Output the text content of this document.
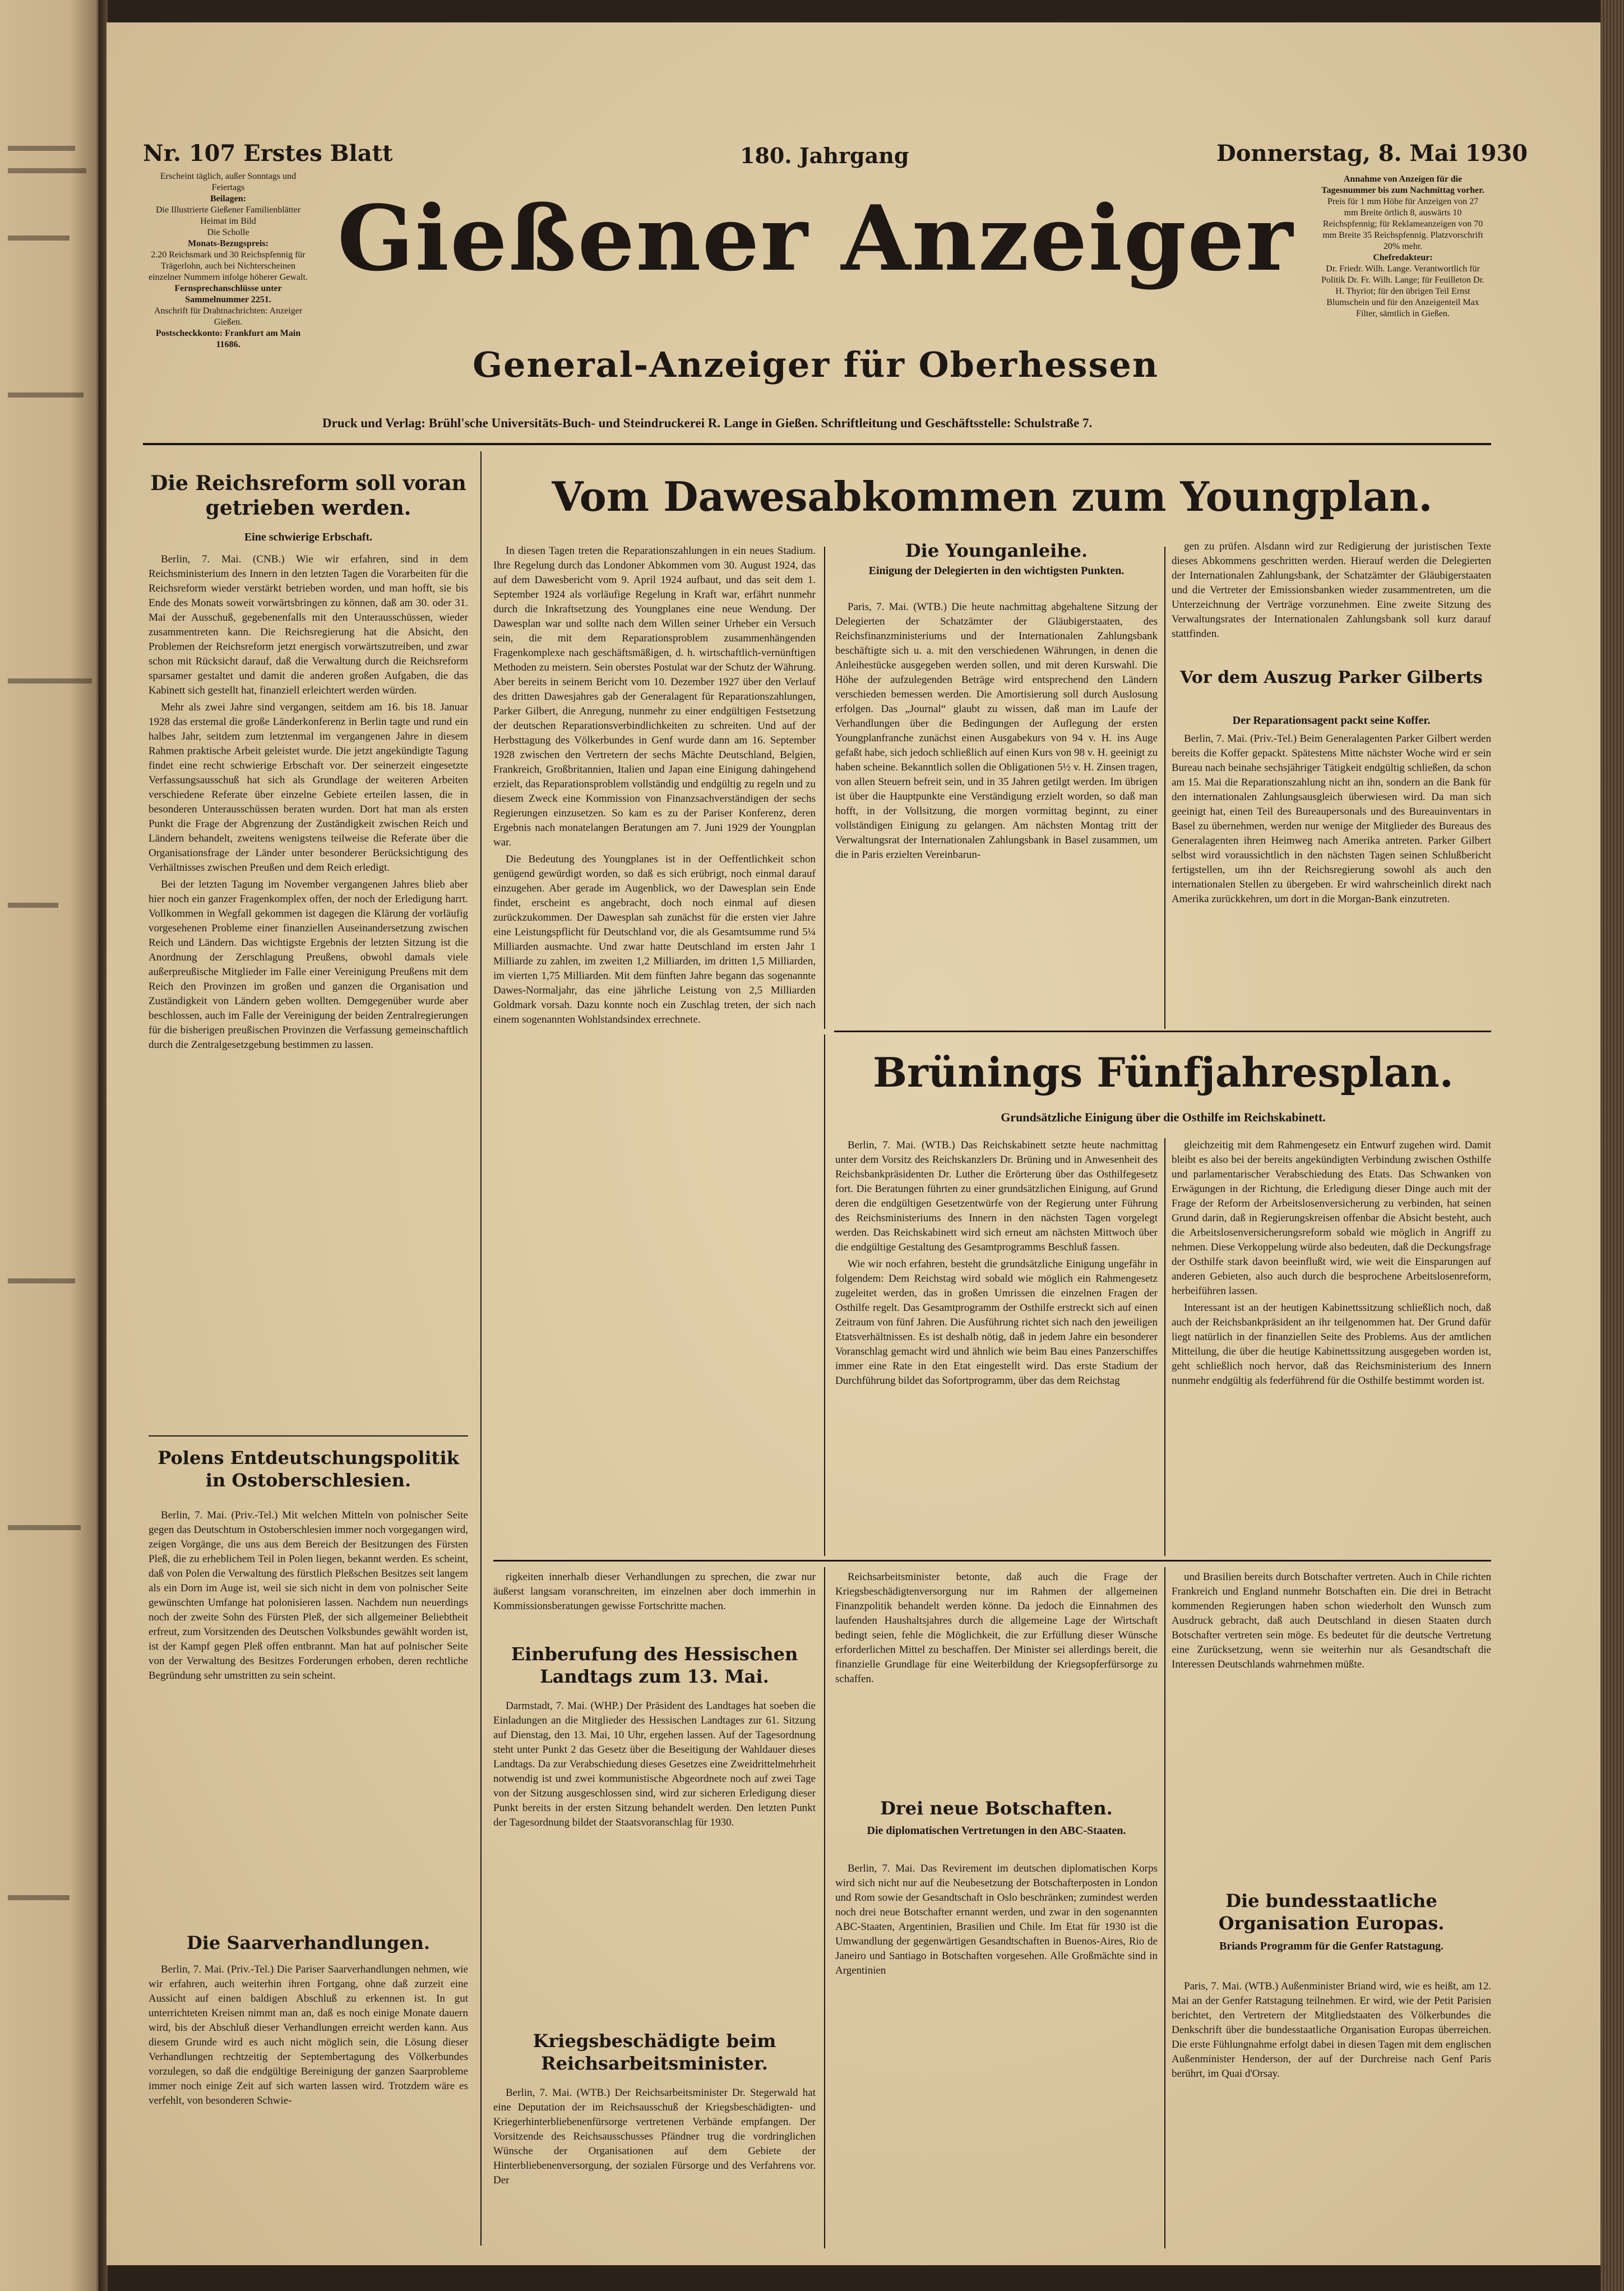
Nr. 107 Erstes Blatt	180. Jahrgang	Donnerstag, 8. Mai 1930
Gießener Anzeiger
General-Anzeiger für Oberhessen
Erscheint täglich, außer Sonntags und Feiertags
Beilagen:
Die Illustrierte Gießener Familienblätter
Heimat im Bild
Die Scholle
Monats-Bezugspreis:
2.20 Reichsmark und 30 Reichspfennig für Trägerlohn, auch bei Nichterscheinen einzelner Nummern infolge höherer Gewalt.
Fernsprechanschlüsse unter Sammelnummer 2251.
Anschrift für Drahtnachrichten: Anzeiger Gießen.
Postscheckkonto: Frankfurt am Main 11686.
Annahme von Anzeigen für die Tagesnummer bis zum Nachmittag vorher.
Preis für 1 mm Höhe für Anzeigen von 27 mm Breite örtlich 8, auswärts 10 Reichspfennig; für Reklameanzeigen von 70 mm Breite 35 Reichspfennig. Platzvorschrift 20% mehr.
Chefredakteur:
Dr. Friedr. Wilh. Lange. Verantwortlich für Politik Dr. Fr. Wilh. Lange; für Feuilleton Dr. H. Thyriot; für den übrigen Teil Ernst Blumschein und für den Anzeigenteil Max Filter, sämtlich in Gießen.
Druck und Verlag: Brühl'sche Universitäts-Buch- und Steindruckerei R. Lange in Gießen. Schriftleitung und Geschäftsstelle: Schulstraße 7.
Die Reichsreform soll voran getrieben werden.
Eine schwierige Erbschaft.

Berlin, 7. Mai. (CNB.) Wie wir erfahren, sind in dem Reichsministerium des Innern in den letzten Tagen die Vorarbeiten für die Reichsreform wieder verstärkt betrieben worden, und man hofft, sie bis Ende des Monats soweit vorwärtsbringen zu können, daß am 30. oder 31. Mai der Ausschuß, gegebenenfalls mit den Unterausschüssen, wieder zusammentreten kann. Die Reichsregierung hat die Absicht, den Problemen der Reichsreform jetzt energisch vorwärtszutreiben, und zwar schon mit Rücksicht darauf, daß die Verwaltung durch die Reichsreform sparsamer gestaltet und damit die anderen großen Aufgaben, die das Kabinett sich gestellt hat, finanziell erleichtert werden würden.

Mehr als zwei Jahre sind vergangen, seitdem am 16. bis 18. Januar 1928 das erstemal die große Länderkonferenz in Berlin tagte und rund ein halbes Jahr, seitdem zum letztenmal im vergangenen Jahre in diesem Rahmen praktische Arbeit geleistet wurde. Die jetzt angekündigte Tagung findet eine recht schwierige Erbschaft vor. Der seinerzeit eingesetzte Verfassungsausschuß hat sich als Grundlage der weiteren Arbeiten verschiedene Referate über einzelne Gebiete erteilen lassen, die in besonderen Unterausschüssen beraten wurden. Dort hat man als ersten Punkt die Frage der Abgrenzung der Zuständigkeit zwischen Reich und Ländern behandelt, zweitens wenigstens teilweise die Referate über die Organisationsfrage der Länder unter besonderer Berücksichtigung des Verhältnisses zwischen Preußen und dem Reich erledigt.

Bei der letzten Tagung im November vergangenen Jahres blieb aber hier noch ein ganzer Fragenkomplex offen, der noch der Erledigung harrt. Vollkommen in Wegfall gekommen ist dagegen die Klärung der vorläufig vorgesehenen Probleme einer finanziellen Auseinandersetzung zwischen Reich und Ländern. Das wichtigste Ergebnis der letzten Sitzung ist die Anordnung der Zerschlagung Preußens, obwohl damals viele außerpreußische Mitglieder im Falle einer Vereinigung Preußens mit dem Reich den Provinzen im großen und ganzen die Organisation und Zuständigkeit von Ländern geben wollten. Demgegenüber wurde aber beschlossen, auch im Falle der Vereinigung der beiden Zentralregierungen für die bisherigen preußischen Provinzen die Verfassung gemeinschaftlich durch die Zentralgesetzgebung bestimmen zu lassen.

Polens Entdeutschungspolitik in Ostoberschlesien.

Berlin, 7. Mai. (Priv.-Tel.) Mit welchen Mitteln von polnischer Seite gegen das Deutschtum in Ostoberschlesien immer noch vorgegangen wird, zeigen Vorgänge, die uns aus dem Bereich der Besitzungen des Fürsten Pleß, die zu erheblichem Teil in Polen liegen, bekannt werden. Es scheint, daß von Polen die Verwaltung des fürstlich Pleßschen Besitzes seit langem als ein Dorn im Auge ist, weil sie sich nicht in dem von polnischer Seite gewünschten Umfange hat polonisieren lassen. Nachdem nun neuerdings noch der zweite Sohn des Fürsten Pleß, der sich allgemeiner Beliebtheit erfreut, zum Vorsitzenden des Deutschen Volksbundes gewählt worden ist, ist der Kampf gegen Pleß offen entbrannt. Man hat auf polnischer Seite von der Verwaltung des Besitzes Forderungen erhoben, deren rechtliche Begründung sehr umstritten zu sein scheint.

Die Saarverhandlungen.

Berlin, 7. Mai. (Priv.-Tel.) Die Pariser Saarverhandlungen nehmen, wie wir erfahren, auch weiterhin ihren Fortgang, ohne daß zurzeit eine Aussicht auf einen baldigen Abschluß zu erkennen ist. In gut unterrichteten Kreisen nimmt man an, daß es noch einige Monate dauern wird, bis der Abschluß dieser Verhandlungen erreicht werden kann. Aus diesem Grunde wird es auch nicht möglich sein, die Lösung dieser Verhandlungen rechtzeitig der Septembertagung des Völkerbundes vorzulegen, so daß die endgültige Bereinigung der ganzen Saarprobleme immer noch einige Zeit auf sich warten lassen wird. Trotzdem wäre es verfehlt, von besonderen Schwie-

Vom Dawesabkommen zum Youngplan.

In diesen Tagen treten die Reparationszahlungen in ein neues Stadium. Ihre Regelung durch das Londoner Abkommen vom 30. August 1924, das auf dem Dawesbericht vom 9. April 1924 aufbaut, und das seit dem 1. September 1924 als vorläufige Regelung in Kraft war, erfährt nunmehr durch die Inkraftsetzung des Youngplanes eine neue Wendung. Der Dawesplan war und sollte nach dem Willen seiner Urheber ein Versuch sein, die mit dem Reparationsproblem zusammenhängenden Fragenkomplexe nach geschäftsmäßigen, d. h. wirtschaftlich-vernünftigen Methoden zu meistern. Sein oberstes Postulat war der Schutz der Währung. Aber bereits in seinem Bericht vom 10. Dezember 1927 über den Verlauf des dritten Dawesjahres gab der Generalagent für Reparationszahlungen, Parker Gilbert, die Anregung, nunmehr zu einer endgültigen Festsetzung der deutschen Reparationsverbindlichkeiten zu schreiten. Und auf der Herbsttagung des Völkerbundes in Genf wurde dann am 16. September 1928 zwischen den Vertretern der sechs Mächte Deutschland, Belgien, Frankreich, Großbritannien, Italien und Japan eine Einigung dahingehend erzielt, das Reparationsproblem vollständig und endgültig zu regeln und zu diesem Zweck eine Kommission von Finanzsachverständigen der sechs Regierungen einzusetzen. So kam es zu der Pariser Konferenz, deren Ergebnis nach monatelangen Beratungen am 7. Juni 1929 der Youngplan war.

Die Bedeutung des Youngplanes ist in der Oeffentlichkeit schon genügend gewürdigt worden, so daß es sich erübrigt, noch einmal darauf einzugehen. Aber gerade im Augenblick, wo der Dawesplan sein Ende findet, erscheint es angebracht, doch noch einmal auf diesen zurückzukommen. Der Dawesplan sah zunächst für die ersten vier Jahre eine Leistungspflicht für Deutschland vor, die als Gesamtsumme rund 5¼ Milliarden ausmachte. Und zwar hatte Deutschland im ersten Jahr 1 Milliarde zu zahlen, im zweiten 1,2 Milliarden, im dritten 1,5 Milliarden, im vierten 1,75 Milliarden. Mit dem fünften Jahre begann das sogenannte Dawes-Normaljahr, das eine jährliche Leistung von 2,5 Milliarden Goldmark vorsah. Dazu konnte noch ein Zuschlag treten, der sich nach einem sogenannten Wohlstandsindex errechnete.

Die Younganleihe.
Einigung der Delegierten in den wichtigsten Punkten.

Paris, 7. Mai. (WTB.) Die heute nachmittag abgehaltene Sitzung der Delegierten der Schatzämter der Gläubigerstaaten, des Reichsfinanzministeriums und der Internationalen Zahlungsbank beschäftigte sich u. a. mit den verschiedenen Währungen, in denen die Anleihestücke ausgegeben werden sollen, und mit deren Kurswahl. Die Höhe der aufzulegenden Beträge wird entsprechend den Ländern verschieden bemessen werden. Die Amortisierung soll durch Auslosung erfolgen. Das „Journal“ glaubt zu wissen, daß man im Laufe der Verhandlungen über die Bedingungen der Auflegung der ersten Youngplanfranche zunächst einen Ausgabekurs von 94 v. H. ins Auge gefaßt habe, sich jedoch schließlich auf einen Kurs von 98 v. H. geeinigt zu haben scheine. Bekanntlich sollen die Obligationen 5½ v. H. Zinsen tragen, von allen Steuern befreit sein, und in 35 Jahren getilgt werden. Im übrigen ist über die Hauptpunkte eine Verständigung erzielt worden, so daß man hofft, in der Vollsitzung, die morgen vormittag beginnt, zu einer vollständigen Einigung zu gelangen. Am nächsten Montag tritt der Verwaltungsrat der Internationalen Zahlungsbank in Basel zusammen, um die in Paris erzielten Vereinbarun-

gen zu prüfen. Alsdann wird zur Redigierung der juristischen Texte dieses Abkommens geschritten werden. Hierauf werden die Delegierten der Internationalen Zahlungsbank, der Schatzämter der Gläubigerstaaten und die Vertreter der Emissionsbanken wieder zusammentreten, um die Unterzeichnung der Verträge vorzunehmen. Eine zweite Sitzung des Verwaltungsrates der Internationalen Zahlungsbank soll kurz darauf stattfinden.

Vor dem Auszug Parker Gilberts
Der Reparationsagent packt seine Koffer.

Berlin, 7. Mai. (Priv.-Tel.) Beim Generalagenten Parker Gilbert werden bereits die Koffer gepackt. Spätestens Mitte nächster Woche wird er sein Bureau nach beinahe sechsjähriger Tätigkeit endgültig schließen, da schon am 15. Mai die Reparationszahlung nicht an ihn, sondern an die Bank für den internationalen Zahlungsausgleich überwiesen wird. Da man sich geeinigt hat, einen Teil des Bureaupersonals und des Bureauinventars in Basel zu übernehmen, werden nur wenige der Mitglieder des Bureaus des Generalagenten ihren Heimweg nach Amerika antreten. Parker Gilbert selbst wird voraussichtlich in den nächsten Tagen seinen Schlußbericht fertigstellen, um ihn der Reichsregierung sowohl als auch den internationalen Stellen zu übergeben. Er wird wahrscheinlich direkt nach Amerika zurückkehren, um dort in die Morgan-Bank einzutreten.

Brünings Fünfjahresplan.
Grundsätzliche Einigung über die Osthilfe im Reichskabinett.

Berlin, 7. Mai. (WTB.) Das Reichskabinett setzte heute nachmittag unter dem Vorsitz des Reichskanzlers Dr. Brüning und in Anwesenheit des Reichsbankpräsidenten Dr. Luther die Erörterung über das Osthilfegesetz fort. Die Beratungen führten zu einer grundsätzlichen Einigung, auf Grund deren die endgültigen Gesetzentwürfe von der Regierung unter Führung des Reichsministeriums des Innern in den nächsten Tagen vorgelegt werden. Das Reichskabinett wird sich erneut am nächsten Mittwoch über die endgültige Gestaltung des Gesamtprogramms Beschluß fassen.

Wie wir noch erfahren, besteht die grundsätzliche Einigung ungefähr in folgendem: Dem Reichstag wird sobald wie möglich ein Rahmengesetz zugeleitet werden, das in großen Umrissen die einzelnen Fragen der Osthilfe regelt. Das Gesamtprogramm der Osthilfe erstreckt sich auf einen Zeitraum von fünf Jahren. Die Ausführung richtet sich nach den jeweiligen Etatsverhältnissen. Es ist deshalb nötig, daß in jedem Jahre ein besonderer Voranschlag gemacht wird und ähnlich wie beim Bau eines Panzerschiffes immer eine Rate in den Etat eingestellt wird. Das erste Stadium der Durchführung bildet das Sofortprogramm, über das dem Reichstag

gleichzeitig mit dem Rahmengesetz ein Entwurf zugehen wird. Damit bleibt es also bei der bereits angekündigten Verbindung zwischen Osthilfe und parlamentarischer Verabschiedung des Etats. Das Schwanken von Erwägungen in der Richtung, die Erledigung dieser Dinge auch mit der Frage der Reform der Arbeitslosenversicherung zu verbinden, hat seinen Grund darin, daß in Regierungskreisen offenbar die Absicht besteht, auch die Arbeitslosenversicherungsreform sobald wie möglich in Angriff zu nehmen. Diese Verkoppelung würde also bedeuten, daß die Deckungsfrage der Osthilfe stark davon beeinflußt wird, wie weit die Einsparungen auf anderen Gebieten, also auch durch die besprochene Arbeitslosenreform, herbeiführen lassen.

Interessant ist an der heutigen Kabinettssitzung schließlich noch, daß auch der Reichsbankpräsident an ihr teilgenommen hat. Der Grund dafür liegt natürlich in der finanziellen Seite des Problems. Aus der amtlichen Mitteilung, die über die heutige Kabinettssitzung ausgegeben worden ist, geht schließlich noch hervor, daß das Reichsministerium des Innern nunmehr endgültig als federführend für die Osthilfe bestimmt worden ist.

rigkeiten innerhalb dieser Verhandlungen zu sprechen, die zwar nur äußerst langsam voranschreiten, im einzelnen aber doch immerhin in Kommissionsberatungen gewisse Fortschritte machen.

Einberufung des Hessischen Landtags zum 13. Mai.

Darmstadt, 7. Mai. (WHP.) Der Präsident des Landtages hat soeben die Einladungen an die Mitglieder des Hessischen Landtages zur 61. Sitzung auf Dienstag, den 13. Mai, 10 Uhr, ergehen lassen. Auf der Tagesordnung steht unter Punkt 2 das Gesetz über die Beseitigung der Wahldauer dieses Landtags. Da zur Verabschiedung dieses Gesetzes eine Zweidrittelmehrheit notwendig ist und zwei kommunistische Abgeordnete noch auf zwei Tage von der Sitzung ausgeschlossen sind, wird zur sicheren Erledigung dieser Punkt bereits in der ersten Sitzung behandelt werden. Den letzten Punkt der Tagesordnung bildet der Staatsvoranschlag für 1930.

Kriegsbeschädigte beim Reichsarbeitsminister.

Berlin, 7. Mai. (WTB.) Der Reichsarbeitsminister Dr. Stegerwald hat eine Deputation der im Reichsausschuß der Kriegsbeschädigten- und Kriegerhinterbliebenenfürsorge vertretenen Verbände empfangen. Der Vorsitzende des Reichsausschusses Pfändner trug die vordringlichen Wünsche der Organisationen auf dem Gebiete der Hinterbliebenenversorgung, der sozialen Fürsorge und des Verfahrens vor. Der

Reichsarbeitsminister betonte, daß auch die Frage der Kriegsbeschädigtenversorgung nur im Rahmen der allgemeinen Finanzpolitik behandelt werden könne. Da jedoch die Einnahmen des laufenden Haushaltsjahres durch die allgemeine Lage der Wirtschaft bedingt seien, fehle die Möglichkeit, die zur Erfüllung dieser Wünsche erforderlichen Mittel zu beschaffen. Der Minister sei allerdings bereit, die finanzielle Grundlage für eine Weiterbildung der Kriegsopferfürsorge zu schaffen.

Drei neue Botschaften.
Die diplomatischen Vertretungen in den ABC-Staaten.

Berlin, 7. Mai. Das Revirement im deutschen diplomatischen Korps wird sich nicht nur auf die Neubesetzung der Botschafterposten in London und Rom sowie der Gesandtschaft in Oslo beschränken; zumindest werden noch drei neue Botschafter ernannt werden, und zwar in den sogenannten ABC-Staaten, Argentinien, Brasilien und Chile. Im Etat für 1930 ist die Umwandlung der gegenwärtigen Gesandtschaften in Buenos-Aires, Rio de Janeiro und Santiago in Botschaften vorgesehen. Alle Großmächte sind in Argentinien

und Brasilien bereits durch Botschafter vertreten. Auch in Chile richten Frankreich und England nunmehr Botschaften ein. Die drei in Betracht kommenden Regierungen haben schon wiederholt den Wunsch zum Ausdruck gebracht, daß auch Deutschland in diesen Staaten durch Botschafter vertreten sein möge. Es bedeutet für die deutsche Vertretung eine Zurücksetzung, wenn sie weiterhin nur als Gesandtschaft die Interessen Deutschlands wahrnehmen müßte.

Die bundesstaatliche Organisation Europas.
Briands Programm für die Genfer Ratstagung.

Paris, 7. Mai. (WTB.) Außenminister Briand wird, wie es heißt, am 12. Mai an der Genfer Ratstagung teilnehmen. Er wird, wie der Petit Parisien berichtet, den Vertretern der Mitgliedstaaten des Völkerbundes die Denkschrift über die bundesstaatliche Organisation Europas überreichen. Die erste Fühlungnahme erfolgt dabei in diesen Tagen mit dem englischen Außenminister Henderson, der auf der Durchreise nach Genf Paris berührt, im Quai d'Orsay.
